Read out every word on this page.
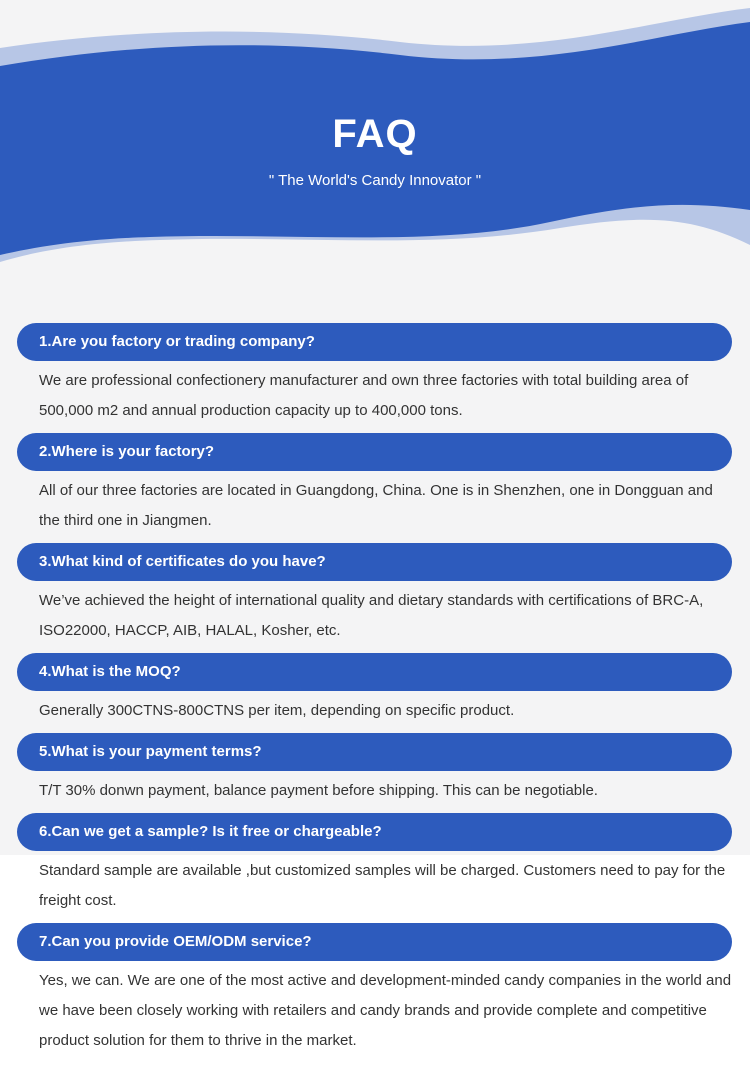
FAQ
" The World's Candy Innovator "
1.Are you factory or trading company?
We are professional confectionery manufacturer and own three factories with total building area of 500,000 m2 and annual production capacity up to 400,000 tons.
2.Where is your factory?
All of our three factories are located in Guangdong, China. One is in Shenzhen, one in Dongguan and the third one in Jiangmen.
3.What kind of certificates do you have?
We’ve achieved the height of international quality and dietary standards with certifications of BRC-A, ISO22000, HACCP, AIB, HALAL, Kosher, etc.
4.What is the MOQ?
Generally 300CTNS-800CTNS per item, depending on specific product.
5.What is your payment terms?
T/T 30% donwn payment, balance payment before shipping. This can be negotiable.
6.Can we get a sample? Is it free or chargeable?
Standard sample are available ,but customized samples will be charged. Customers need to pay for the freight cost.
7.Can you provide OEM/ODM service?
Yes, we can. We are one of the most active and development-minded candy companies in the world and we have been closely working with retailers and candy brands and provide complete and competitive product solution for them to thrive in the market.
